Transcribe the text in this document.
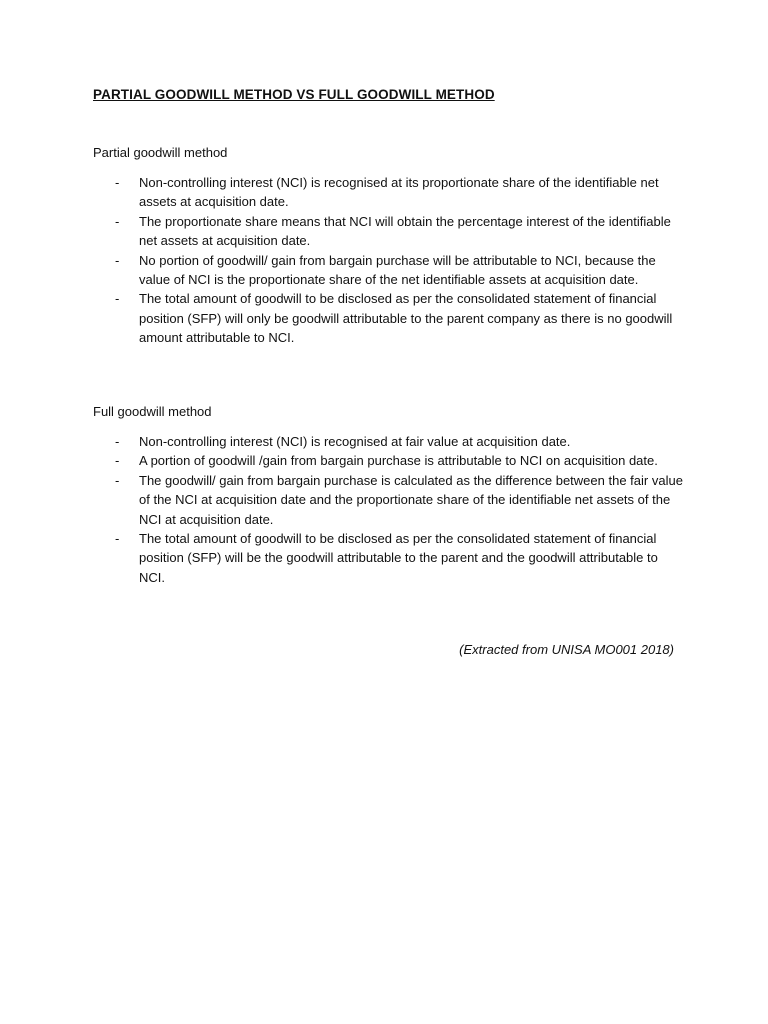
PARTIAL GOODWILL METHOD VS FULL GOODWILL METHOD
Partial goodwill method
- Non-controlling interest (NCI) is recognised at its proportionate share of the identifiable net assets at acquisition date.
- The proportionate share means that NCI will obtain the percentage interest of the identifiable net assets at acquisition date.
- No portion of goodwill/ gain from bargain purchase will be attributable to NCI, because the value of NCI is the proportionate share of the net identifiable assets at acquisition date.
- The total amount of goodwill to be disclosed as per the consolidated statement of financial position (SFP) will only be goodwill attributable to the parent company as there is no goodwill amount attributable to NCI.
Full goodwill method
- Non-controlling interest (NCI) is recognised at fair value at acquisition date.
- A portion of goodwill /gain from bargain purchase is attributable to NCI on acquisition date.
- The goodwill/ gain from bargain purchase is calculated as the difference between the fair value of the NCI at acquisition date and the proportionate share of the identifiable net assets of the NCI at acquisition date.
- The total amount of goodwill to be disclosed as per the consolidated statement of financial position (SFP) will be the goodwill attributable to the parent and the goodwill attributable to NCI.
(Extracted from UNISA MO001 2018)
